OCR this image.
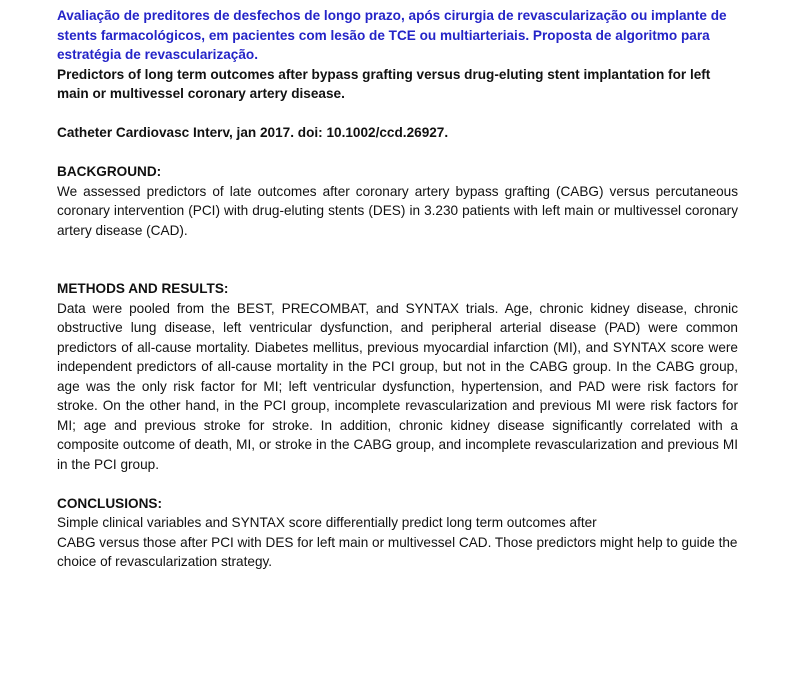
Avaliação de preditores de desfechos de longo prazo, após cirurgia de revascularização ou implante de stents farmacológicos, em pacientes com lesão de TCE ou multiarteriais. Proposta de algoritmo para estratégia de revascularização.

Predictors of long term outcomes after bypass grafting versus drug-eluting stent implantation for left main or multivessel coronary artery disease.

Catheter Cardiovasc Interv, jan 2017. doi: 10.1002/ccd.26927.

BACKGROUND:

We assessed predictors of late outcomes after coronary artery bypass grafting (CABG) versus percutaneous coronary intervention (PCI) with drug-eluting stents (DES) in 3.230 patients with left main or multivessel coronary artery disease (CAD).

METHODS AND RESULTS:

Data were pooled from the BEST, PRECOMBAT, and SYNTAX trials. Age, chronic kidney disease, chronic obstructive lung disease, left ventricular dysfunction, and peripheral arterial disease (PAD) were common predictors of all-cause mortality. Diabetes mellitus, previous myocardial infarction (MI), and SYNTAX score were independent predictors of all-cause mortality in the PCI group, but not in the CABG group. In the CABG group, age was the only risk factor for MI; left ventricular dysfunction, hypertension, and PAD were risk factors for stroke. On the other hand, in the PCI group, incomplete revascularization and previous MI were risk factors for MI; age and previous stroke for stroke. In addition, chronic kidney disease significantly correlated with a composite outcome of death, MI, or stroke in the CABG group, and incomplete revascularization and previous MI in the PCI group.

CONCLUSIONS:

Simple clinical variables and SYNTAX score differentially predict long term outcomes after

CABG versus those after PCI with DES for left main or multivessel CAD. Those predictors might help to guide the choice of revascularization strategy.
